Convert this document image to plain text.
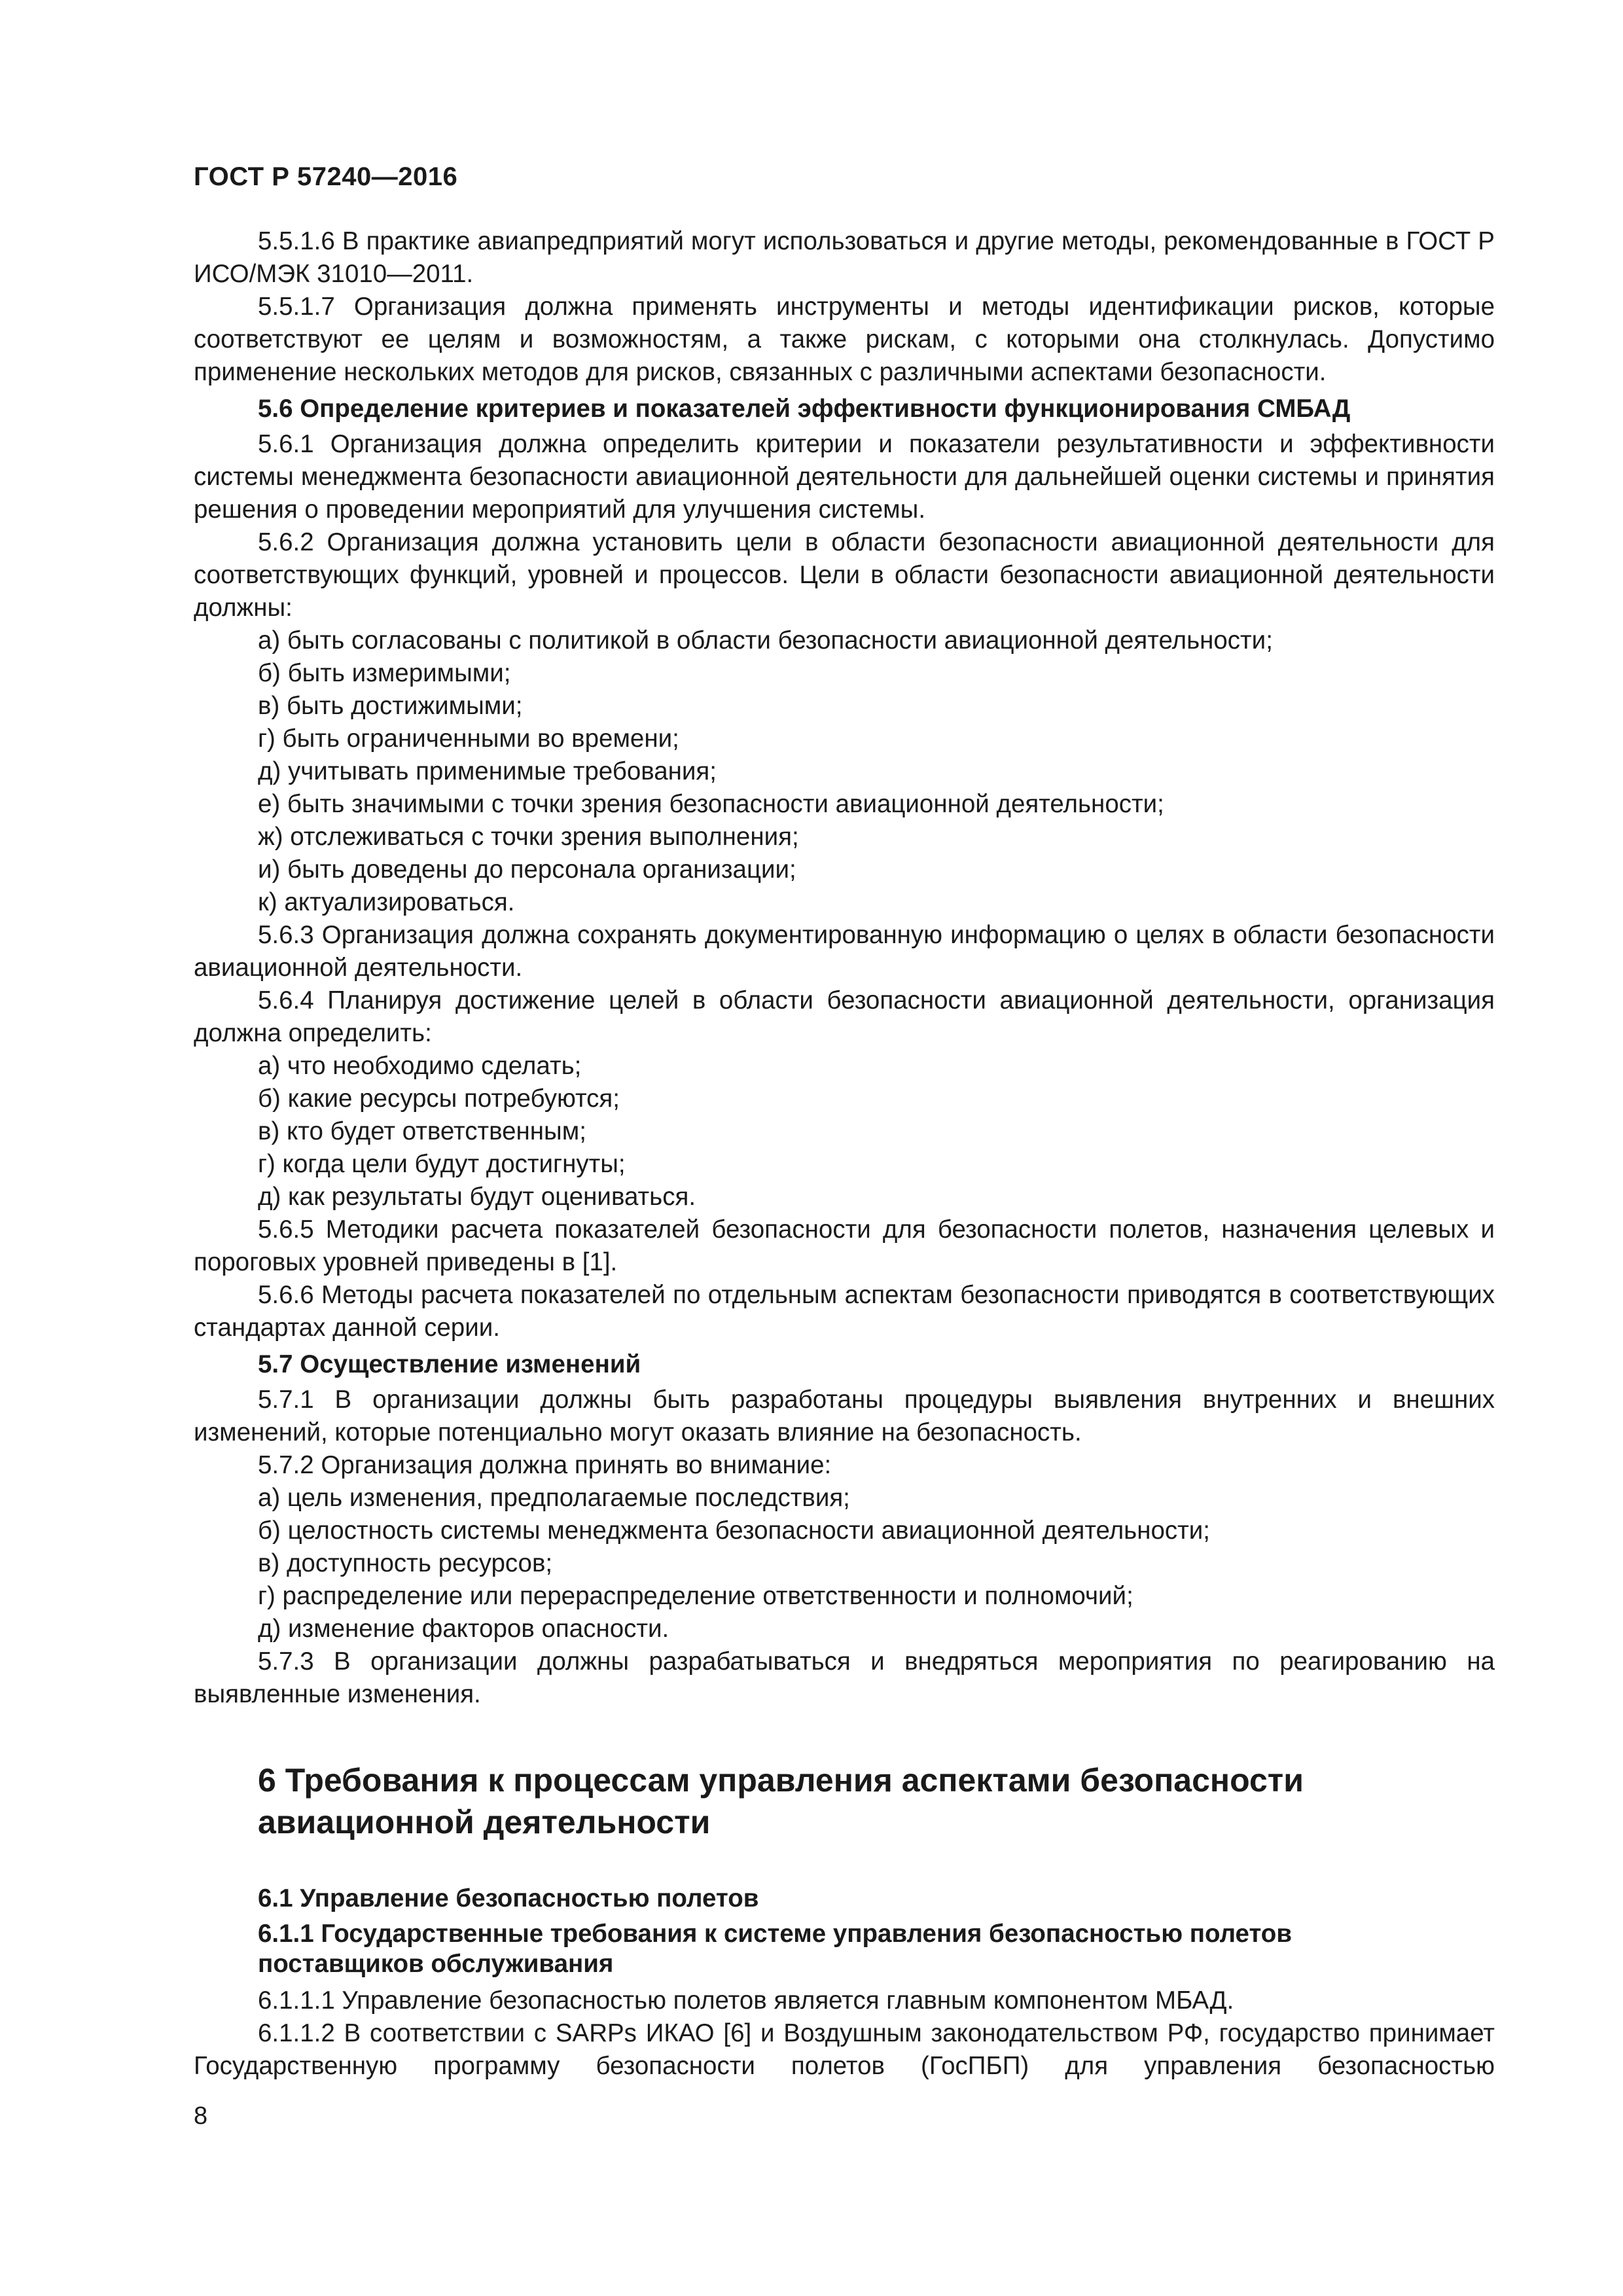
ГОСТ Р 57240—2016
5.5.1.6 В практике авиапредприятий могут использоваться и другие методы, рекомендованные в ГОСТ Р ИСО/МЭК 31010—2011.
5.5.1.7 Организация должна применять инструменты и методы идентификации рисков, которые соответствуют ее целям и возможностям, а также рискам, с которыми она столкнулась. Допустимо применение нескольких методов для рисков, связанных с различными аспектами безопасности.
5.6 Определение критериев и показателей эффективности функционирования СМБАД
5.6.1 Организация должна определить критерии и показатели результативности и эффективности системы менеджмента безопасности авиационной деятельности для дальнейшей оценки системы и принятия решения о проведении мероприятий для улучшения системы.
5.6.2 Организация должна установить цели в области безопасности авиационной деятельности для соответствующих функций, уровней и процессов. Цели в области безопасности авиационной деятельности должны:
а) быть согласованы с политикой в области безопасности авиационной деятельности;
б) быть измеримыми;
в) быть достижимыми;
г) быть ограниченными во времени;
д) учитывать применимые требования;
е) быть значимыми с точки зрения безопасности авиационной деятельности;
ж) отслеживаться с точки зрения выполнения;
и) быть доведены до персонала организации;
к) актуализироваться.
5.6.3 Организация должна сохранять документированную информацию о целях в области безопасности авиационной деятельности.
5.6.4 Планируя достижение целей в области безопасности авиационной деятельности, организация должна определить:
а) что необходимо сделать;
б) какие ресурсы потребуются;
в) кто будет ответственным;
г) когда цели будут достигнуты;
д) как результаты будут оцениваться.
5.6.5 Методики расчета показателей безопасности для безопасности полетов, назначения целевых и пороговых уровней приведены в [1].
5.6.6 Методы расчета показателей по отдельным аспектам безопасности приводятся в соответствующих стандартах данной серии.
5.7 Осуществление изменений
5.7.1 В организации должны быть разработаны процедуры выявления внутренних и внешних изменений, которые потенциально могут оказать влияние на безопасность.
5.7.2 Организация должна принять во внимание:
а) цель изменения, предполагаемые последствия;
б) целостность системы менеджмента безопасности авиационной деятельности;
в) доступность ресурсов;
г) распределение или перераспределение ответственности и полномочий;
д) изменение факторов опасности.
5.7.3 В организации должны разрабатываться и внедряться мероприятия по реагированию на выявленные изменения.
6 Требования к процессам управления аспектами безопасности авиационной деятельности
6.1 Управление безопасностью полетов
6.1.1 Государственные требования к системе управления безопасностью полетов поставщиков обслуживания
6.1.1.1 Управление безопасностью полетов является главным компонентом МБАД.
6.1.1.2 В соответствии с SARPs ИКАО [6] и Воздушным законодательством РФ, государство принимает Государственную программу безопасности полетов (ГосПБП) для управления безопасностью
8
